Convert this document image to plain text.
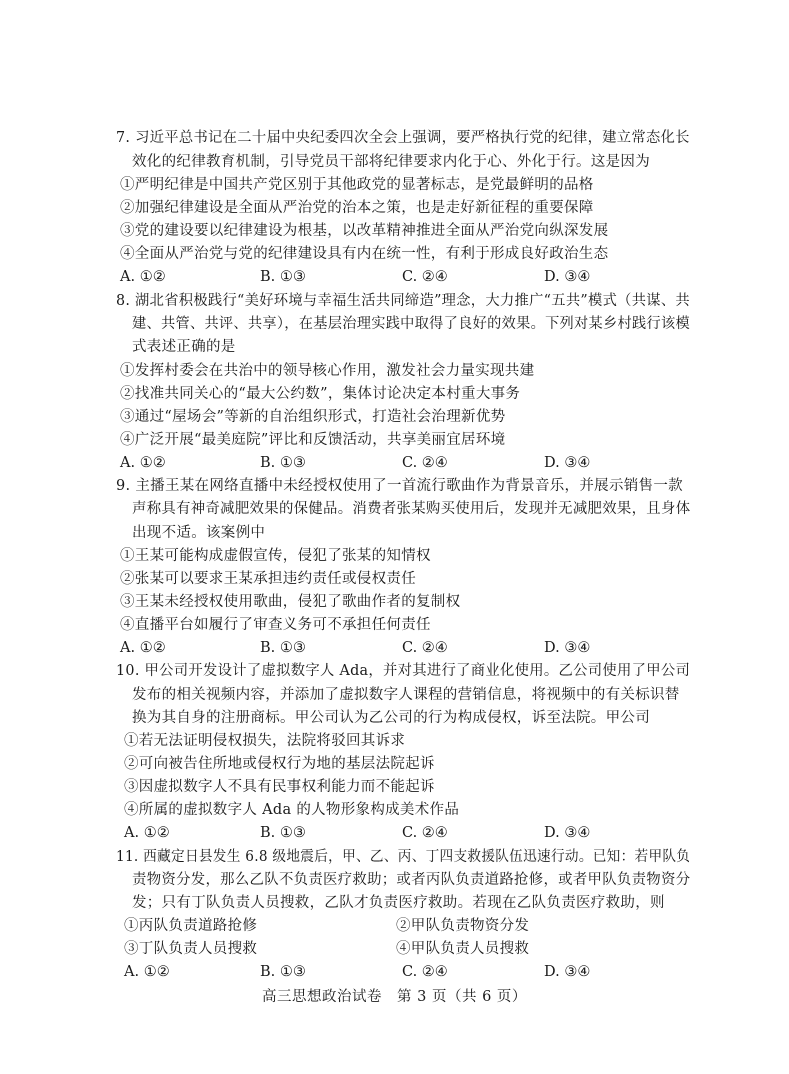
7. 习近平总书记在二十届中央纪委四次全会上强调，要严格执行党的纪律，建立常态化长
效化的纪律教育机制，引导党员干部将纪律要求内化于心、外化于行。这是因为
①严明纪律是中国共产党区别于其他政党的显著标志，是党最鲜明的品格
②加强纪律建设是全面从严治党的治本之策，也是走好新征程的重要保障
③党的建设要以纪律建设为根基，以改革精神推进全面从严治党向纵深发展
④全面从严治党与党的纪律建设具有内在统一性，有利于形成良好政治生态
A. ①②	B. ①③	C. ②④	D. ③④
8. 湖北省积极践行“美好环境与幸福生活共同缔造”理念，大力推广“五共”模式（共谋、共
建、共管、共评、共享），在基层治理实践中取得了良好的效果。下列对某乡村践行该模
式表述正确的是
①发挥村委会在共治中的领导核心作用，激发社会力量实现共建
②找准共同关心的“最大公约数”，集体讨论决定本村重大事务
③通过“屋场会”等新的自治组织形式，打造社会治理新优势
④广泛开展“最美庭院”评比和反馈活动，共享美丽宜居环境
A. ①②	B. ①③	C. ②④	D. ③④
9. 主播王某在网络直播中未经授权使用了一首流行歌曲作为背景音乐，并展示销售一款
声称具有神奇减肥效果的保健品。消费者张某购买使用后，发现并无减肥效果，且身体
出现不适。该案例中
①王某可能构成虚假宣传，侵犯了张某的知情权
②张某可以要求王某承担违约责任或侵权责任
③王某未经授权使用歌曲，侵犯了歌曲作者的复制权
④直播平台如履行了审查义务可不承担任何责任
A. ①②	B. ①③	C. ②④	D. ③④
10. 甲公司开发设计了虚拟数字人 Ada，并对其进行了商业化使用。乙公司使用了甲公司
发布的相关视频内容，并添加了虚拟数字人课程的营销信息，将视频中的有关标识替
换为其自身的注册商标。甲公司认为乙公司的行为构成侵权，诉至法院。甲公司
①若无法证明侵权损失，法院将驳回其诉求
②可向被告住所地或侵权行为地的基层法院起诉
③因虚拟数字人不具有民事权利能力而不能起诉
④所属的虚拟数字人 Ada 的人物形象构成美术作品
A. ①②	B. ①③	C. ②④	D. ③④
11. 西藏定日县发生 6.8 级地震后，甲、乙、丙、丁四支救援队伍迅速行动。已知：若甲队负
责物资分发，那么乙队不负责医疗救助；或者丙队负责道路抢修，或者甲队负责物资分
发；只有丁队负责人员搜救，乙队才负责医疗救助。若现在乙队负责医疗救助，则
①丙队负责道路抢修	②甲队负责物资分发
③丁队负责人员搜救	④甲队负责人员搜救
A. ①②	B. ①③	C. ②④	D. ③④
高三思想政治试卷　第 3 页（共 6 页）
